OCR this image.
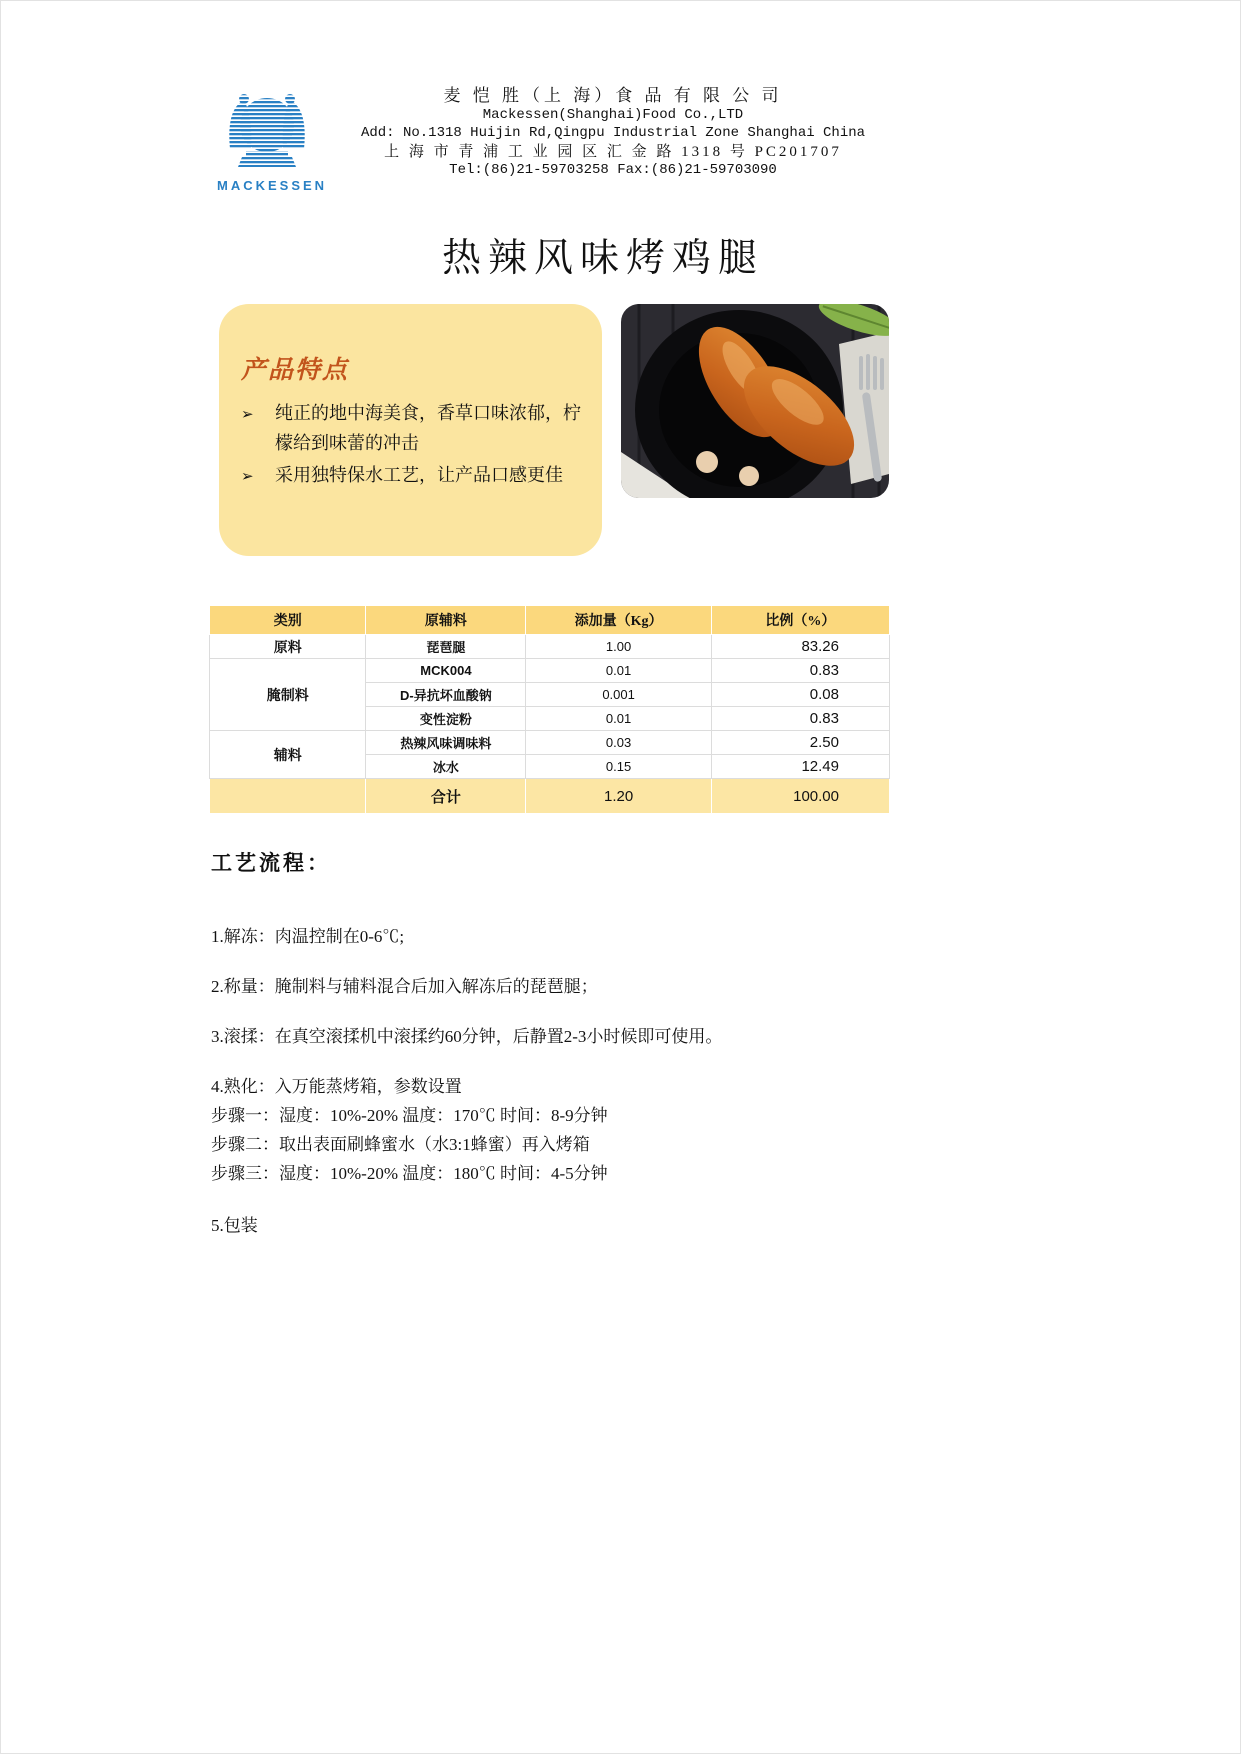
MACKESSEN
麦 恺 胜（上 海）食 品 有 限 公 司
Mackessen(Shanghai)Food Co.,LTD
Add: No.1318 Huijin Rd,Qingpu Industrial Zone Shanghai China
上 海 市 青 浦 工 业 园 区 汇 金 路 1318 号 PC201707
Tel:(86)21-59703258 Fax:(86)21-59703090
热辣风味烤鸡腿
产品特点
➢	纯正的地中海美食，香草口味浓郁，柠檬给到味蕾的冲击
➢	采用独特保水工艺，让产品口感更佳
类别	原辅料	添加量（Kg）	比例（%）
原料	琵琶腿	1.00	83.26
腌制料	MCK004	0.01	0.83
	D-异抗坏血酸钠	0.001	0.08
	变性淀粉	0.01	0.83
辅料	热辣风味调味料	0.03	2.50
	冰水	0.15	12.49
	合计	1.20	100.00
工艺流程：

1.解冻：肉温控制在0-6℃;

2.称量：腌制料与辅料混合后加入解冻后的琵琶腿；

3.滚揉：在真空滚揉机中滚揉约60分钟，后静置2-3小时候即可使用。

4.熟化：入万能蒸烤箱，参数设置

步骤一：湿度：10%-20% 温度：170℃ 时间：8-9分钟

步骤二：取出表面刷蜂蜜水（水3:1蜂蜜）再入烤箱

步骤三：湿度：10%-20% 温度：180℃ 时间：4-5分钟

5.包装
